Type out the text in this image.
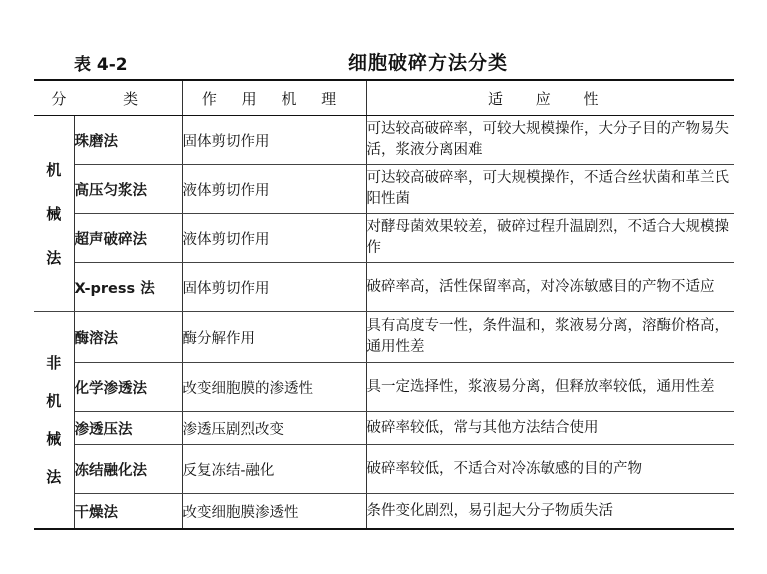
表 4-2	细胞破碎方法分类
分 类		作 用 机 理	适 应 性
机械法	珠磨法	固体剪切作用	可达较高破碎率，可较大规模操作，大分子目的产物易失活，浆液分离困难
	高压匀浆法	液体剪切作用	可达较高破碎率，可大规模操作，不适合丝状菌和革兰氏阳性菌
	超声破碎法	液体剪切作用	对酵母菌效果较差，破碎过程升温剧烈，不适合大规模操作
	X-press 法	固体剪切作用	破碎率高，活性保留率高，对冷冻敏感目的产物不适应
非机械法	酶溶法	酶分解作用	具有高度专一性，条件温和，浆液易分离，溶酶价格高，通用性差
	化学渗透法	改变细胞膜的渗透性	具一定选择性，浆液易分离，但释放率较低，通用性差
	渗透压法	渗透压剧烈改变	破碎率较低，常与其他方法结合使用
	冻结融化法	反复冻结-融化	破碎率较低，不适合对冷冻敏感的目的产物
	干燥法	改变细胞膜渗透性	条件变化剧烈，易引起大分子物质失活
